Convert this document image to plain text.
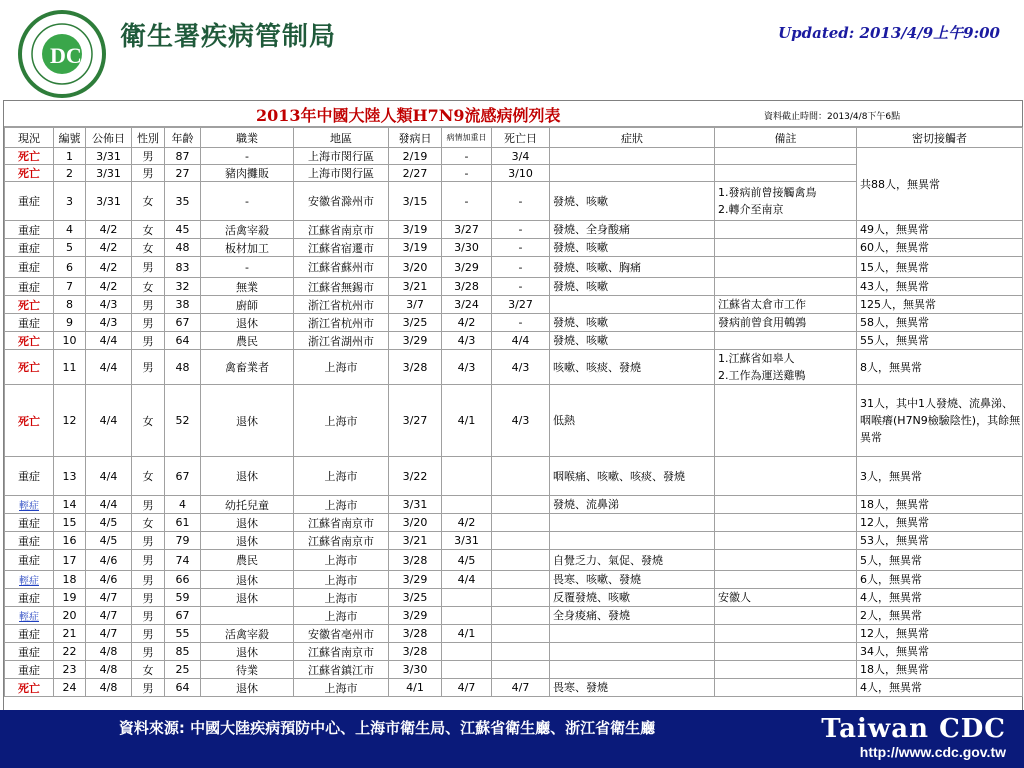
DC
衛生署疾病管制局	Updated: 2013/4/9上午9:00
2013年中國大陸人類H7N9流感病例列表	資料截止時間：2013/4/8下午6點
現況	編號	公佈日	性別	年齡	職業	地區	發病日	病情加重日	死亡日	症狀	備註	密切接觸者
死亡	1	3/31	男	87	-	上海市閔行區	2/19	-	3/4			共88人，無異常
死亡	2	3/31	男	27	豬肉攤販	上海市閔行區	2/27	-	3/10			
重症	3	3/31	女	35	-	安徽省滁州市	3/15	-	-	發燒、咳嗽	1.發病前曾接觸禽鳥
2.轉介至南京	
重症	4	4/2	女	45	活禽宰殺	江蘇省南京市	3/19	3/27	-	發燒、全身酸痛		49人，無異常
重症	5	4/2	女	48	板材加工	江蘇省宿遷市	3/19	3/30	-	發燒、咳嗽		60人，無異常
重症	6	4/2	男	83	-	江蘇省蘇州市	3/20	3/29	-	發燒、咳嗽、胸痛		15人，無異常
重症	7	4/2	女	32	無業	江蘇省無錫市	3/21	3/28	-	發燒、咳嗽		43人，無異常
死亡	8	4/3	男	38	廚師	浙江省杭州市	3/7	3/24	3/27		江蘇省太倉市工作	125人，無異常
重症	9	4/3	男	67	退休	浙江省杭州市	3/25	4/2	-	發燒、咳嗽	發病前曾食用鵪鶉	58人，無異常
死亡	10	4/4	男	64	農民	浙江省湖州市	3/29	4/3	4/4	發燒、咳嗽		55人，無異常
死亡	11	4/4	男	48	禽畜業者	上海市	3/28	4/3	4/3	咳嗽、咳痰、發燒	1.江蘇省如皋人
2.工作為運送雞鴨	8人，無異常
死亡	12	4/4	女	52	退休	上海市	3/27	4/1	4/3	低熱		31人，其中1人發燒、流鼻涕、咽喉癢(H7N9檢驗陰性)，其餘無異常
重症	13	4/4	女	67	退休	上海市	3/22			咽喉痛、咳嗽、咳痰、發燒		3人，無異常
輕症	14	4/4	男	4	幼托兒童	上海市	3/31			發燒、流鼻涕		18人，無異常
重症	15	4/5	女	61	退休	江蘇省南京市	3/20	4/2				12人，無異常
重症	16	4/5	男	79	退休	江蘇省南京市	3/21	3/31				53人，無異常
重症	17	4/6	男	74	農民	上海市	3/28	4/5		自覺乏力、氣促、發燒		5人，無異常
輕症	18	4/6	男	66	退休	上海市	3/29	4/4		畏寒、咳嗽、發燒		6人，無異常
重症	19	4/7	男	59	退休	上海市	3/25			反覆發燒、咳嗽	安徽人	4人，無異常
輕症	20	4/7	男	67		上海市	3/29			全身痠痛、發燒		2人，無異常
重症	21	4/7	男	55	活禽宰殺	安徽省亳州市	3/28	4/1				12人，無異常
重症	22	4/8	男	85	退休	江蘇省南京市	3/28					34人，無異常
重症	23	4/8	女	25	待業	江蘇省鎮江市	3/30					18人，無異常
死亡	24	4/8	男	64	退休	上海市	4/1	4/7	4/7	畏寒、發燒		4人，無異常
資料來源: 中國大陸疾病預防中心、上海市衛生局、江蘇省衛生廳、浙江省衛生廳	Taiwan CDC
http://www.cdc.gov.tw
